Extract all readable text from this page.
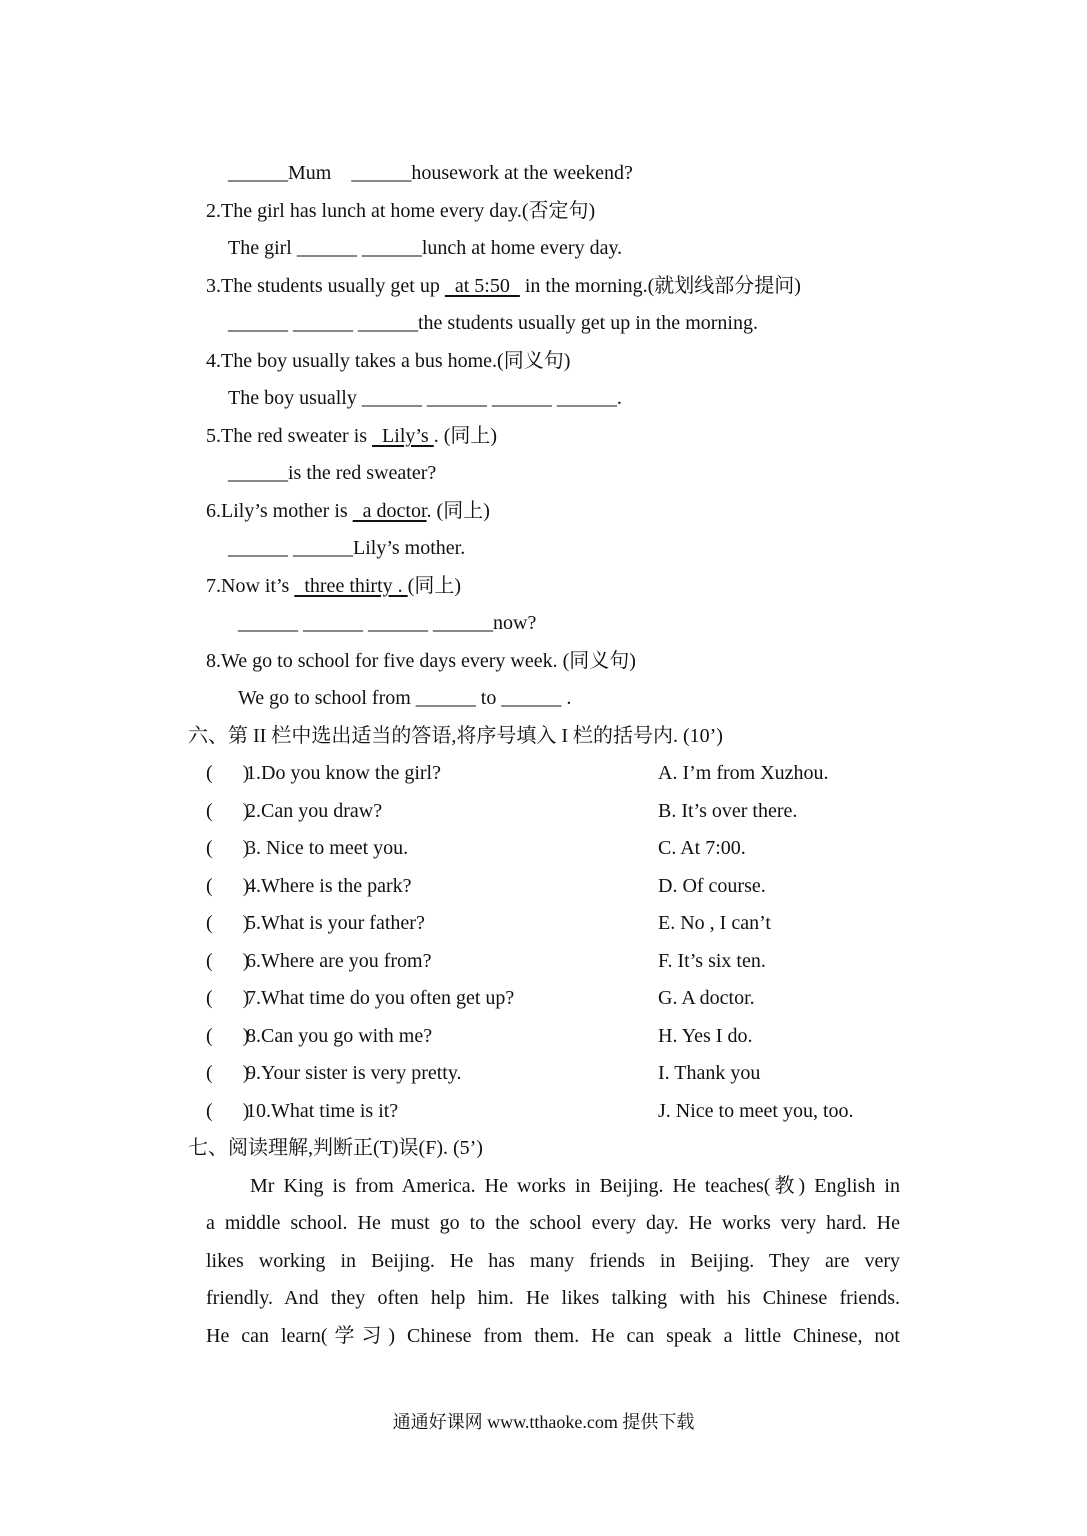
______Mum    ______housework at the weekend?
2.The girl has lunch at home every day.(否定句)
The girl ______ ______lunch at home every day.
3.The students usually get up   at 5:50   in the morning.(就划线部分提问)
______ ______ ______the students usually get up in the morning.
4.The boy usually takes a bus home.(同义句)
The boy usually ______ ______ ______ ______.
5.The red sweater is   Lily’s . (同上)
______is the red sweater?
6.Lily’s mother is   a doctor. (同上)
______ ______Lily’s mother.
7.Now it’s   three thirty . (同上)
______ ______ ______ ______now?
8.We go to school for five days every week. (同义句)
We go to school from ______ to ______ .
六、第 II 栏中选出适当的答语,将序号填入 I 栏的括号内. (10’)
(      )
1.Do you know the girl?	A. I’m from Xuzhou.
(      )
2.Can you draw?	B. It’s over there.
(      )
3. Nice to meet you.	C. At 7:00.
(      )
4.Where is the park?	D. Of course.
(      )
5.What is your father?	E. No , I can’t
(      )
6.Where are you from?	F. It’s six ten.
(      )
7.What time do you often get up?	G. A doctor.
(      )
8.Can you go with me?	H. Yes I do.
(      )
9.Your sister is very pretty.	I. Thank you
(      )
10.What time is it?	J. Nice to meet you, too.
七、阅读理解,判断正(T)误(F). (5’)
Mr King is from America. He works in Beijing. He teaches(教) English in
a middle school. He must go to the school every day. He works very hard. He
likes working in Beijing. He has many friends in Beijing. They are very
friendly. And they often help him. He likes talking with his Chinese friends.
He can learn(学习) Chinese from them. He can speak a little Chinese, not
通通好课网 www.tthaoke.com 提供下载
